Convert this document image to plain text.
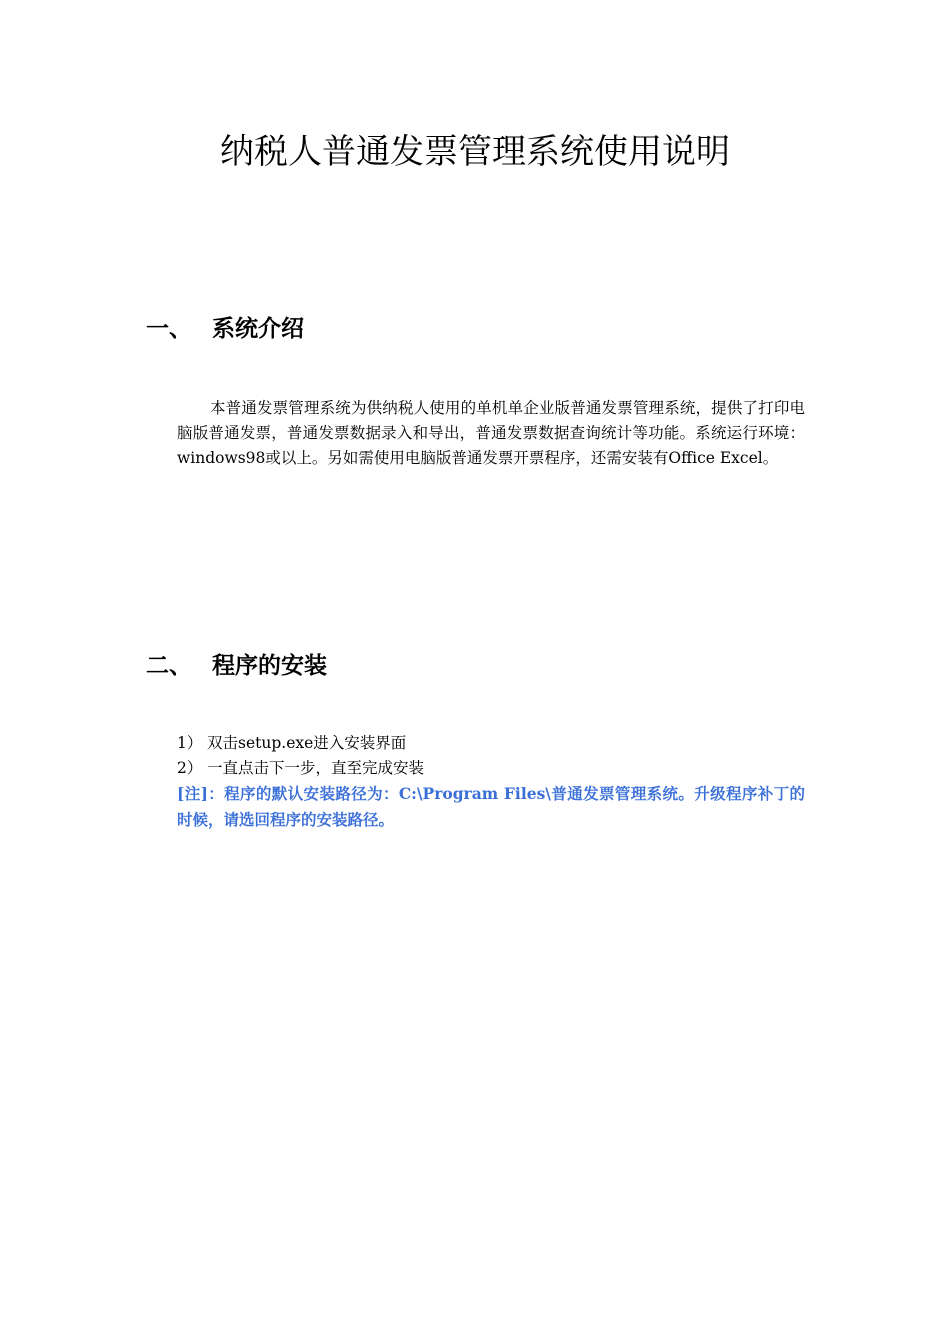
纳税人普通发票管理系统使用说明
一、 系统介绍

本普通发票管理系统为供纳税人使用的单机单企业版普通发票管理系统，提供了打印电脑版普通发票，普通发票数据录入和导出，普通发票数据查询统计等功能。系统运行环境：windows98或以上。另如需使用电脑版普通发票开票程序，还需安装有Office Excel。

二、 程序的安装
1） 双击setup.exe进入安装界面
2） 一直点击下一步，直至完成安装

[注]：程序的默认安装路径为：C:\Program Files\普通发票管理系统。升级程序补丁的时候，请选回程序的安装路径。
